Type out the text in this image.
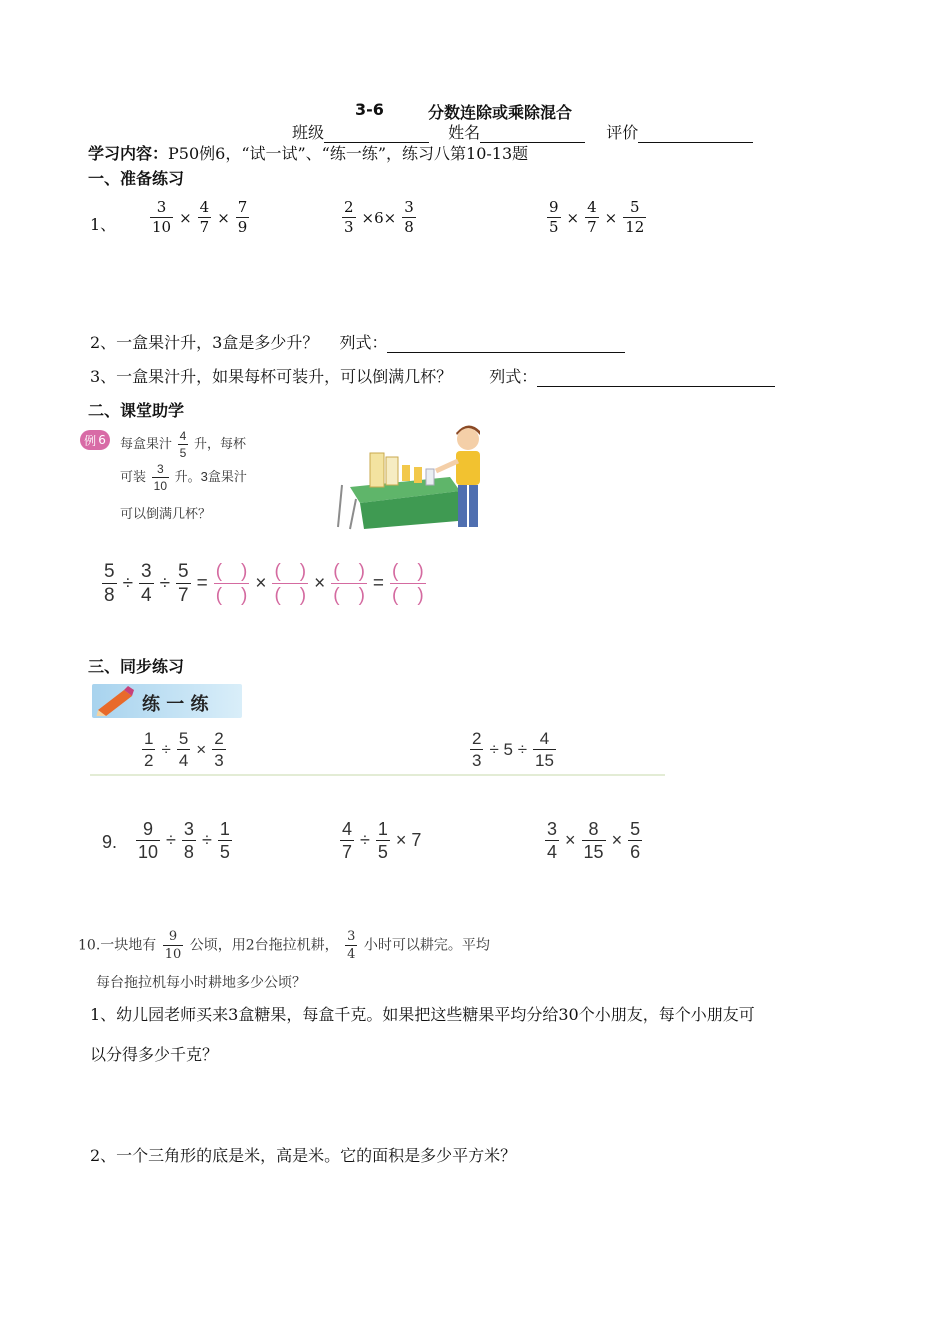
3-6	分数连除或乘除混合
班级	姓名	评价
学习内容：P50例6，“试一试”、“练一练”，练习八第10-13题
一、准备练习
1、 $\frac{3}{10} \times \frac{4}{7} \times \frac{7}{9}$	$\frac{2}{3} \times 6\times \frac{3}{8}$	$\frac{9}{5} \times \frac{4}{7} \times \frac{5}{12}$
2、一盒果汁升，3盒是多少升？ 列式：
3、一盒果汁升，如果每杯可装升，可以倒满几杯？ 列式：
二、课堂助学
例 6 每盒果汁 $\frac{4}{5}$ 升，每杯
可装 $\frac{3}{10}$ 升。3盒果汁
可以倒满几杯？
$\frac{5}{8} \div \frac{3}{4} \div \frac{5}{7} = \frac{( )}{( )} \times \frac{( )}{( )} \times \frac{( )}{( )} = \frac{( )}{( )}$
三、同步练习
练 一 练
$\frac{1}{2} \div \frac{5}{4} \times \frac{2}{3}$	$\frac{2}{3} \div 5 \div \frac{4}{15}$
9. $\frac{9}{10} \div \frac{3}{8} \div \frac{1}{5}$	$\frac{4}{7} \div \frac{1}{5} \times 7$	$\frac{3}{4} \times \frac{8}{15} \times \frac{5}{6}$
10.一块地有 $\frac{9}{10}$ 公顷，用2台拖拉机耕， $\frac{3}{4}$ 小时可以耕完。平均
每台拖拉机每小时耕地多少公顷？
1、幼儿园老师买来3盒糖果，每盒千克。如果把这些糖果平均分给30个小朋友，每个小朋友可
以分得多少千克？
2、一个三角形的底是米，高是米。它的面积是多少平方米？
